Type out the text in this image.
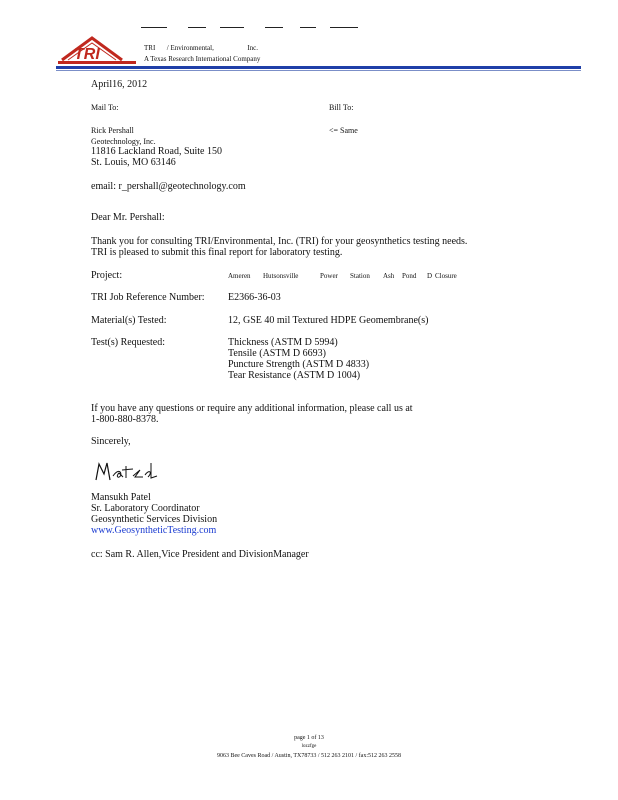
TRI	TRI / Environmental,	Inc.
A Texas Research International Company
April16, 2012
Mail To:	Bill To:
Rick Pershall	<= Same
Geotechnology, Inc.
11816 Lackland Road, Suite 150
St. Louis, MO 63146
email: r_pershall@geotechnology.com
Dear Mr. Pershall:
Thank you for consulting TRI/Environmental, Inc. (TRI) for your geosynthetics testing needs.
TRI is pleased to submit this final report for laboratory testing.
Project:	Ameren Hutsonsville	Power Station Ash Pond D Closure
TRI Job Reference Number: E2366-36-03
Material(s) Tested:	12, GSE 40 mil Textured HDPE Geomembrane(s)
Test(s) Requested:	Thickness (ASTM D 5994)
Tensile (ASTM D 6693)
Puncture Strength (ASTM D 4833)
Tear Resistance (ASTM D 1004)
If you have any questions or require any additional information, please call us at
1-800-880-8378.
Sincerely,
Mansukh Patel
Sr. Laboratory Coordinator
Geosynthetic Services Division
www.GeosyntheticTesting.com
cc: Sam R. Allen,Vice President and DivisionManager
page 1 of 13
lozzfge
9063 Bee Caves Road / Austin, TX78733 / 512 263 2101 / fax:512 263 2558
